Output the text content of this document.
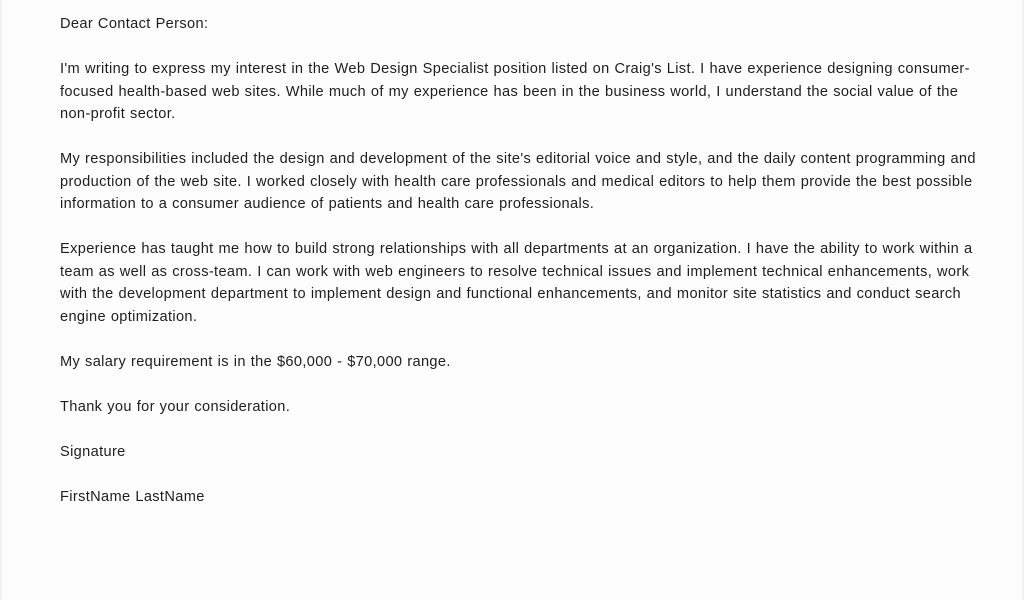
Dear Contact Person:

I'm writing to express my interest in the Web Design Specialist position listed on Craig's List. I have experience designing consumer-focused health-based web sites. While much of my experience has been in the business world, I understand the social value of the non-profit sector.

My responsibilities included the design and development of the site's editorial voice and style, and the daily content programming and production of the web site. I worked closely with health care professionals and medical editors to help them provide the best possible information to a consumer audience of patients and health care professionals.

Experience has taught me how to build strong relationships with all departments at an organization. I have the ability to work within a team as well as cross-team. I can work with web engineers to resolve technical issues and implement technical enhancements, work with the development department to implement design and functional enhancements, and monitor site statistics and conduct search engine optimization.

My salary requirement is in the $60,000 - $70,000 range.

Thank you for your consideration.

Signature

FirstName LastName
